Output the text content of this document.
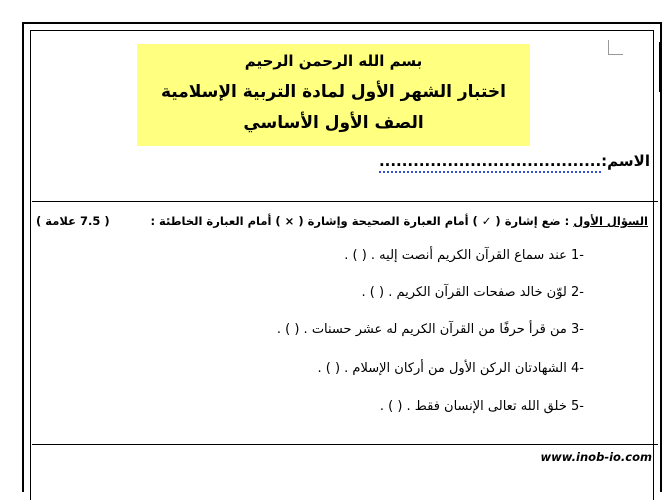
بسم الله الرحمن الرحيم
اختبار الشهر الأول لمادة التربية الإسلامية
الصف الأول الأساسي
الاسم:.......................................
السؤال الأول : ضع إشارة ( ✓ ) أمام العبارة الصحيحة وإشارة ( × ) أمام العبارة الخاطئة :
( 7.5 علامة )
-1 عند سماع القرآن الكريم أنصت إليه . ( ) .
-2 لوّن خالد صفحات القرآن الكريم . ( ) .
-3 من قرأ حرفًا من القرآن الكريم له عشر حسنات . ( ) .
-4 الشهادتان الركن الأول من أركان الإسلام . ( ) .
-5 خلق الله تعالى الإنسان فقط . ( ) .
www.inob-io.com
